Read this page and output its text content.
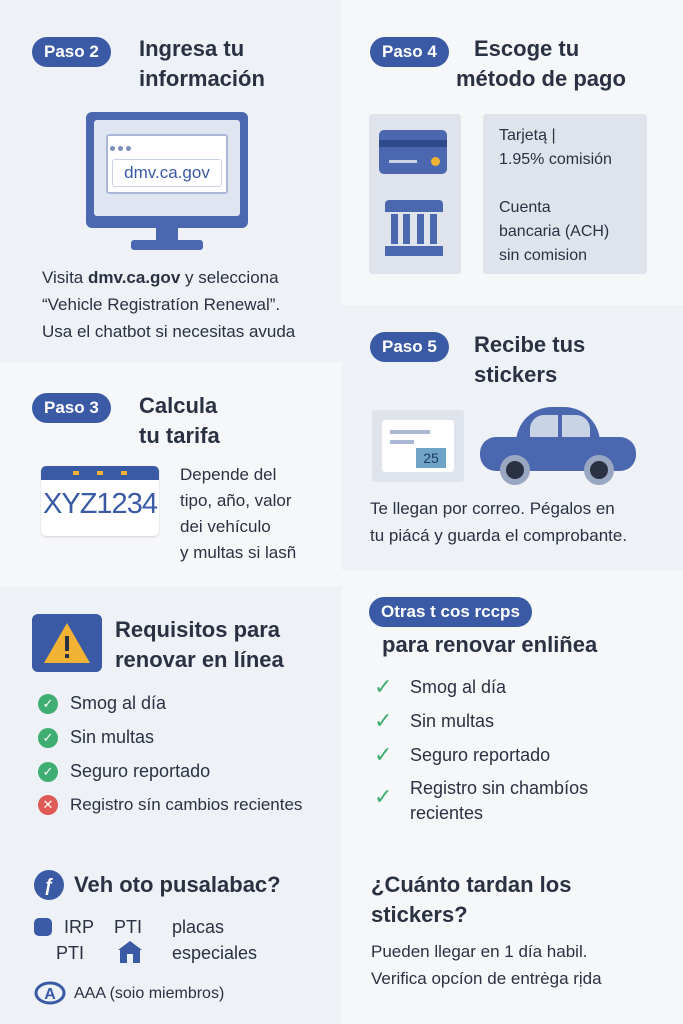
Paso 2	Ingresa tu
información
dmv.ca.gov
Visita dmv.ca.gov y selecciona
“Vehicle Registratíon Renewal”.
Usa el chatbot si necesitas avuda
Paso 4	Escoge tu
método de pago
Tarjetą |
1.95% comisión
Cuenta
bancaria (ACH)
sin comision
Paso 3	Calcula
tu tarifa
XYZ1234
Depende del
tipo, año, valor
dei vehículo
y multas si lasñ
Paso 5	Recibe tus
stickers
25
Te llegan por correo. Pégalos en
tu piácá y guarda el comprobante.
Requisitos para
renovar en línea
✓ Smog al día
✓ Sin multas
✓ Seguro reportado
✕ Registro sín cambios recientes
Otras t cos rccps
para renovar enliñea
✓ Smog al día
✓ Sin multas
✓ Seguro reportado
✓ Registro sin chambíos
recientes
ƒ Veh oto pusalabac?
IRP PTI placas
PTI	especiales
A AAA (soio miembros)
¿Cuánto tardan los
stickers?
Pueden llegar en 1 día habil.
Verifica opcíon de entrėga rịda
